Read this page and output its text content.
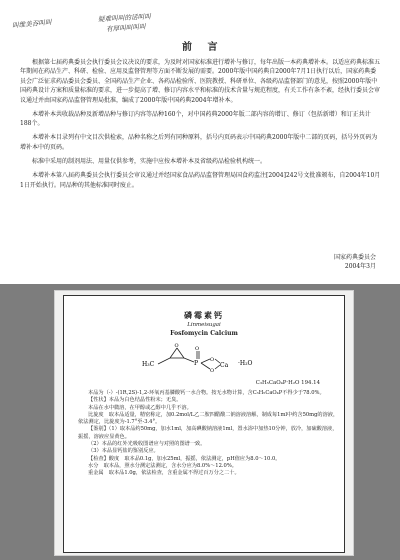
叫维美吞叫叫
疑难叫叫的话叫叫
有厚叫叫叫叫
前 言

根据第七届药典委员会执行委员会议决议的要求，为及时对国家标准进行增补与修订，每年出版一本药典增补本。以适应药典标准五年期间在药品生产、科研、检验、应用及监督管理等方面不断发展的需要。2000年版中国药典自2000年7月1日执行以后，国家药典委员会广泛征求药品委员会委员、全国药品生产企业、各药品检验所、医院教授、科研单位、各级药品监督部门的意见，按照2000年版中国药典设计方案和质量标准的要求，进一步提高了增、修订内容水平和标准的技术含量与规范程度，有关工作有条不紊，经执行委员会审议通过并由国家药品监督管理局批准，编成了2000年版中国药典2004年增补本。

本增补本共收载品种及新增品种与修订内容等品种160个，对中国药典2000年版二部内容的增订、修订（包括新增）和订正共计188个。

本增补本目录列有中文目次供检索，品种名称之后列有同种原料，括号内页码表示中国药典2000年版中二部的页码，括号外页码为增补本中的页码。

标准中采用的制剂用法、用量仅供参考，实施中应按本增补本及省级药品检验机构统一。

本增补本第八届药典委员会执行委员会审议通过并经国家食品药品监督管理局国食药监注[2004]242号文批准颁布，自2004年10月1日开始执行。同品种的其他标准同时废止。

国家药典委员会
2004年3月
磷霉素钙
Linmeisugai
Fosfomycin Calcium
H₃C
O
P
O
O
O
Ca ·H₂O
C₃H₅CaO₄P·H₂O 194.14

本品为（-）-(1R,2S)-1,2-环氧丙基膦酸钙一水合物。按无水物计算，含C₃H₅CaO₄P不得少于78.0%。

【性状】本品为白色结晶性粉末；无臭。

本品在水中微溶，在甲醇或乙醇中几乎不溶。

比旋度　取本品适量，精密称定，加0.2mol/L乙二胺四醋酸二钠溶液溶解，制成每1ml中约含50mg的溶液，依法测定，比旋度为-1.7°至-3.4°。

【鉴别】（1）取本品约50mg，加水1ml，加高碘酸钠溶液1ml，置水浴中加热10分钟，放冷，加硫酸溶液，振摇，溶液应显黄色。

（2）本品的红外光吸收图谱应与对照的图谱一致。

（3）本品显钙盐的鉴别反应。

【检查】酸度　取本品0.1g，加水25ml，振摇，依法测定，pH值应为8.0～10.0。

水分　取本品，照水分测定法测定，含水分应为8.0%～12.0%。

重金属　取本品1.0g，依法检查，含重金属不得过百万分之二十。
